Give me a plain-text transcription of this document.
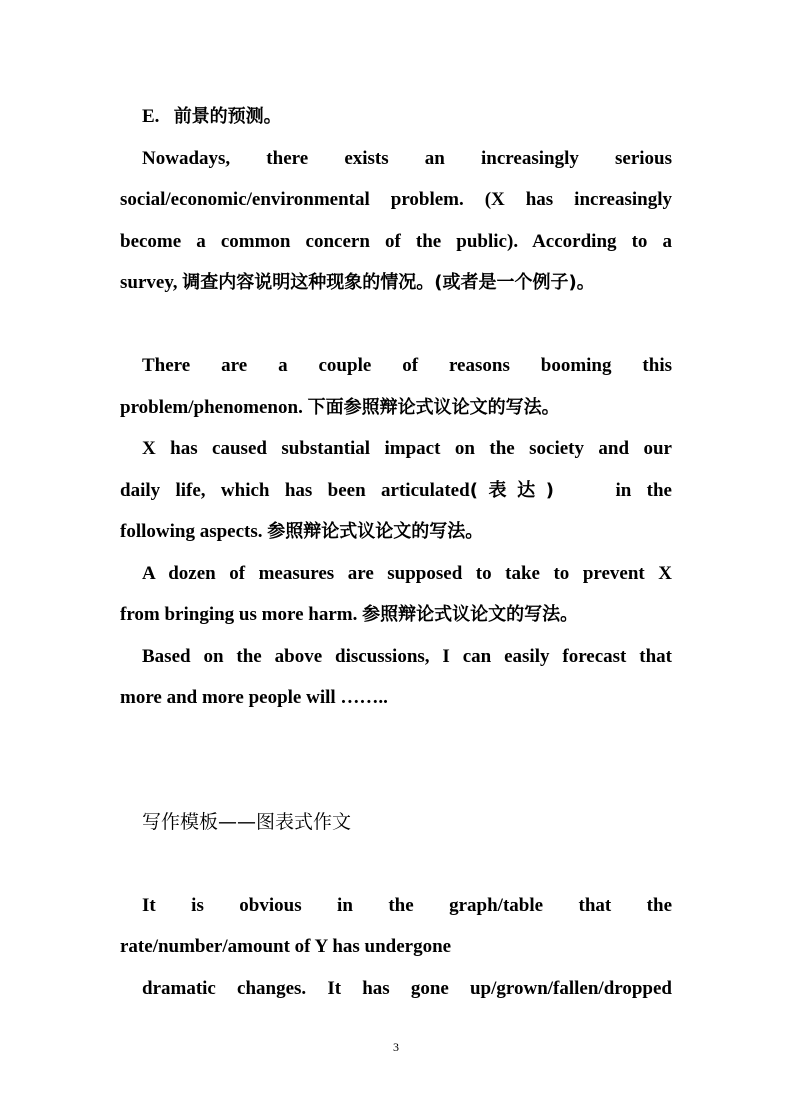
E. 前景的预测。

Nowadays, there exists an increasingly serious

social/economic/environmental problem. (X has increasingly

become a common concern of the public). According to a

survey, 调查内容说明这种现象的情况。(或者是一个例子)。

There are a couple of reasons booming this

problem/phenomenon. 下面参照辩论式议论文的写法。

X has caused substantial impact on the society and our

daily life, which has been articulated(表达)	in the

following aspects. 参照辩论式议论文的写法。

A dozen of measures are supposed to take to prevent X

from bringing us more harm. 参照辩论式议论文的写法。

Based on the above discussions, I can easily forecast that

more and more people will ……..

写作模板——图表式作文

It is obvious in the graph/table that the

rate/number/amount of Y has undergone

dramatic changes. It has gone up/grown/fallen/dropped

3
